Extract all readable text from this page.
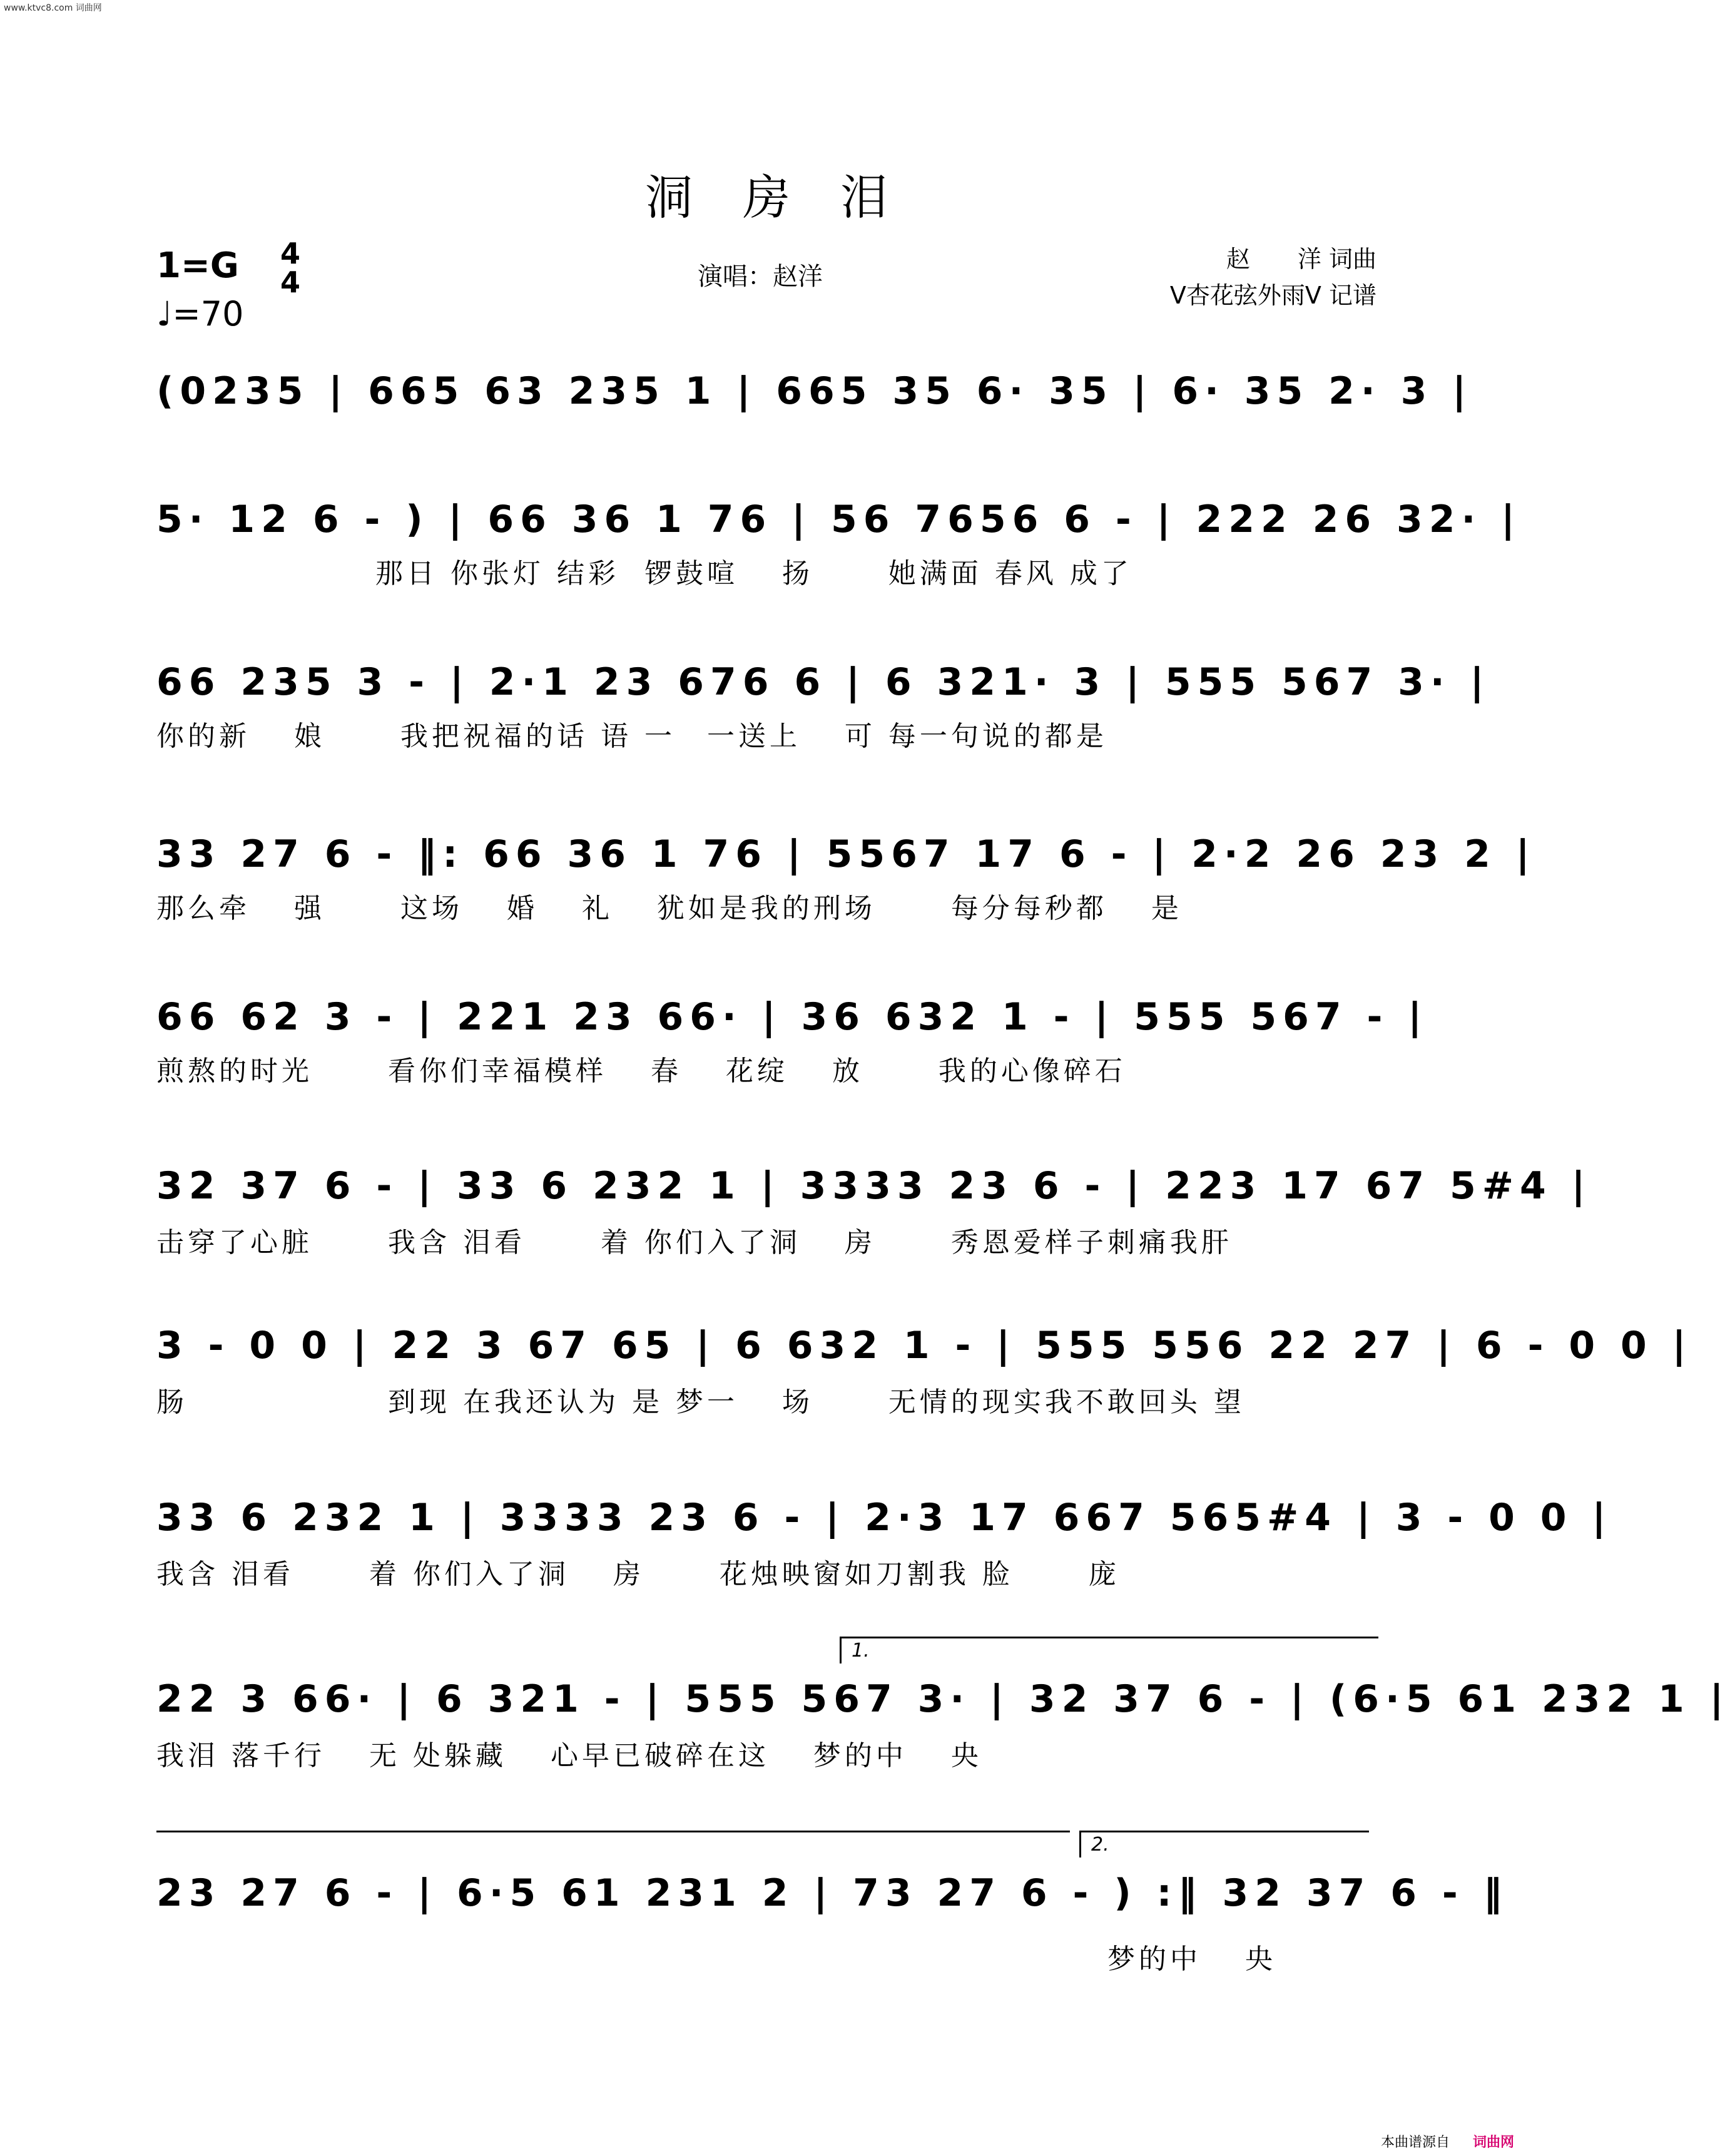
www.ktvc8.com 词曲网
洞房泪
1=G 4
4
♩=70
演唱：赵洋
赵　　洋 词曲
V杏花弦外雨V 记谱
(0235 | 665 63 235 1 | 665 35 6· 35 | 6· 35 2· 3 |
5· 12 6 - ) | 66 36 1 76 | 56 7656 6 - | 222 26 32· |
　　　　　　　那日 你张灯 结彩  锣鼓喧　 扬　　 她满面 春风 成了
66 235 3 - | 2·1 23 676 6 | 6 321· 3 | 555 567 3· |
你的新　 娘　　 我把祝福的话 语 一　一送上　 可 每一句说的都是
33 27 6 - ‖: 66 36 1 76 | 5567 17 6 - | 2·2 26 23 2 |
那么牵　 强　　 这场　 婚　 礼　 犹如是我的刑场　　 每分每秒都　 是
66 62 3 - | 221 23 66· | 36 632 1 - | 555 567 - |
煎熬的时光　　 看你们幸福模样　 春　 花绽　 放　　 我的心像碎石
32 37 6 - | 33 6 232 1 | 3333 23 6 - | 223 17 67 5#4 |
击穿了心脏　　 我含 泪看　　 着 你们入了洞　 房　　 秀恩爱样子刺痛我肝
3 - 0 0 | 22 3 67 65 | 6 632 1 - | 555 556 22 27 | 6 - 0 0 |
肠　　　　　　 到现 在我还认为 是 梦一　 场　　 无情的现实我不敢回头 望
33 6 232 1 | 3333 23 6 - | 2·3 17 667 565#4 | 3 - 0 0 |
我含 泪看　　 着 你们入了洞　 房　　 花烛映窗如刀割我 脸　　 庞
1.
22 3 66· | 6 321 - | 555 567 3· | 32 37 6 - | (6·5 61 232 1 |
我泪 落千行　 无 处躲藏　 心早已破碎在这　 梦的中　 央
2.
23 27 6 - | 6·5 61 231 2 | 73 27 6 - ) :‖ 32 37 6 - ‖
　　　　　　　　　　　　　　　　　　　　　　　　　　　　　　 梦的中　 央
本曲谱源自 词曲网
